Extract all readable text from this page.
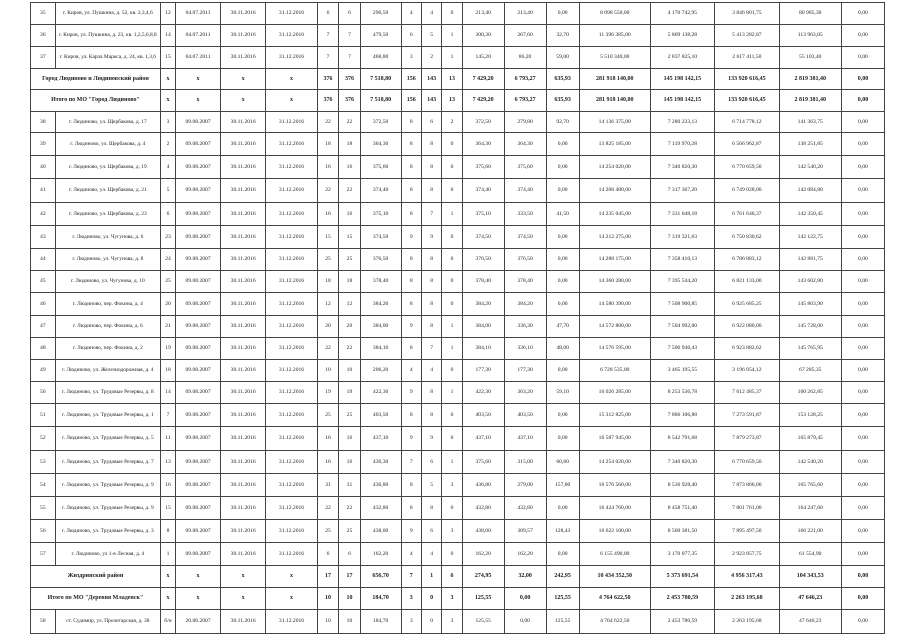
35	г. Киров, ул. Пушкина, д. 52, кв. 2,3,4,6	12	04.07.2011	30.11.2016	31.12.2016	6	6	296,50	4	4	0	213,40	213,40	0,00	8 098 550,00	4 170 742,95	3 846 801,75	80 985,30	0,00
36	г. Киров, ул. Пушкина, д. 23, кв. 1,2,5,6,8,8	14	04.07.2011	30.11.2016	31.12.2016	7	7	479,50	6	5	1	300,30	267,60	32,70	11 396 385,00	5 869 138,28	5 413 282,87	113 963,85	0,00
37	г. Киров, ул. Карла Маркса, д. 24, кв. 1,3,6	15	04.07.2011	30.11.2016	31.12.2016	7	7	468,80	3	2	1	145,20	86,20	59,00	5 510 340,00	2 837 825,10	2 617 411,50	55 103,40	0,00
Город Людиново и Людиновский район		x	x	x	x	376	376	7 518,80	156	143	13	7 429,20	6 793,27	635,93	281 918 140,00	145 198 142,15	133 920 616,45	2 819 381,40	0,00
Итого по МО "Город Людиново"		x	x	x	x	376	376	7 518,80	156	143	13	7 429,20	6 793,27	635,93	281 918 140,00	145 198 142,15	133 920 616,45	2 819 381,40	0,00
38	г. Людиново, ул. Щербакова, д. 17	3	09.08.2007	30.11.2016	31.12.2016	22	22	372,50	8	6	2	372,50	279,80	92,70	14 136 375,00	7 280 233,13	6 714 778,12	141 363,75	0,00
39	г. Людиново, ул. Щербакова, д. 4	2	09.08.2007	30.11.2016	31.12.2016	18	18	364,30	8	8	0	364,30	364,30	0,00	13 825 185,00	7 119 970,28	6 566 962,87	138 251,85	0,00
40	г. Людиново, ул. Щербакова, д. 19	4	09.08.2007	30.11.2016	31.12.2016	16	16	375,60	8	8	0	375,60	375,60	0,00	14 254 020,00	7 340 820,30	6 770 659,50	142 540,20	0,00
41	г. Людиново, ул. Щербакова, д. 21	5	09.08.2007	30.11.2016	31.12.2016	22	22	374,40	8	8	0	374,40	374,40	0,00	14 208 480,00	7 317 367,20	6 749 028,00	142 084,80	0,00
42	г. Людиново, ул. Щербакова, д. 23	6	09.08.2007	30.11.2016	31.12.2016	16	16	375,10	8	7	1	375,10	333,50	41,50	14 235 045,00	7 331 048,18	6 761 646,37	142 350,45	0,00
43	г. Людиново, ул. Чугунова, д. 6	23	09.08.2007	30.11.2016	31.12.2016	15	15	374,50	9	9	0	374,50	374,50	0,00	14 212 275,00	7 319 321,63	6 750 830,62	142 122,75	0,00
44	г. Людиново, ул. Чугунова, д. 8	24	09.08.2007	30.11.2016	31.12.2016	25	25	376,50	8	8	0	376,50	376,50	0,00	14 288 175,00	7 358 410,13	6 786 883,12	142 881,75	0,00
45	г. Людиново, ул. Чугунова, д. 10	25	09.08.2007	30.11.2016	31.12.2016	18	18	378,40	8	8	0	378,40	378,40	0,00	14 360 280,00	7 395 544,20	6 821 133,00	143 602,80	0,00
46	г. Людиново, пер. Фокина, д. 4	20	09.08.2007	30.11.2016	31.12.2016	12	12	384,20	8	8	0	384,20	384,20	0,00	14 580 390,00	7 508 900,85	6 925 685,25	145 803,90	0,00
47	г. Людиново, пер. Фокина, д. 6	21	09.08.2007	30.11.2016	31.12.2016	20	20	384,00	9	8	1	384,00	336,30	47,70	14 572 800,00	7 504 992,00	6 922 080,00	145 728,00	0,00
48	г. Людиново, пер. Фокина, д. 2	19	09.08.2007	30.11.2016	31.12.2016	22	22	384,10	8	7	1	384,10	336,10	48,00	14 576 595,00	7 506 946,43	6 923 882,62	145 765,95	0,00
49	г. Людиново, ул. Железнодорожная, д. 4	18	09.08.2007	30.11.2016	31.12.2016	10	10	206,20	4	4	0	177,30	177,30	0,00	6 728 535,00	3 465 195,55	3 196 054,12	67 285,35	0,00
50	г. Людиново, ул. Трудовые Резервы, д. 8	14	09.08.2007	30.11.2016	31.12.2016	19	19	422,30	9	8	1	422,30	363,20	59,10	16 026 285,00	8 253 536,78	7 612 485,37	160 262,85	0,00
51	г. Людиново, ул. Трудовые Резервы, д. 1	7	09.08.2007	30.11.2016	31.12.2016	25	25	403,50	8	8	0	403,50	403,50	0,00	15 312 825,00	7 886 106,88	7 273 591,87	153 128,25	0,00
52	г. Людиново, ул. Трудовые Резервы, д. 5	11	09.08.2007	30.11.2016	31.12.2016	16	16	437,10	9	9	0	437,10	437,10	0,00	16 587 945,00	8 542 791,68	7 879 273,87	165 879,45	0,00
53	г. Людиново, ул. Трудовые Резервы, д. 7	13	09.08.2007	30.11.2016	31.12.2016	16	16	436,30	7	6	1	375,60	315,00	60,60	14 254 020,00	7 340 820,30	6 770 659,50	142 540,20	0,00
54	г. Людиново, ул. Трудовые Резервы, д. 9	16	09.08.2007	30.11.2016	31.12.2016	31	31	436,80	8	5	3	436,80	279,00	157,80	16 576 560,00	8 536 928,40	7 873 866,00	165 765,60	0,00
55	г. Людиново, ул. Трудовые Резервы, д. 9	15	09.08.2007	30.11.2016	31.12.2016	22	22	432,80	8	8	0	432,80	432,80	0,00	16 424 760,00	8 458 751,40	7 801 761,00	164 247,60	0,00
56	г. Людиново, ул. Трудовые Резервы, д. 3	8	09.08.2007	30.11.2016	31.12.2016	25	25	438,00	9	6	3	438,00	309,57	128,43	16 622 100,00	8 560 381,50	7 895 497,50	166 221,00	0,00
57	г. Людиново, ул 1-я Лесная, д. 4	1	09.08.2007	30.11.2016	31.12.2016	6	6	162,20	4	4	0	162,20	162,20	0,00	6 155 490,00	3 170 077,35	2 923 857,75	61 554,90	0,00
Жиздринский район		x	x	x	x	17	17	656,70	7	1	6	274,95	32,00	242,95	10 434 352,50	5 373 691,54	4 956 317,43	104 343,53	0,00
Итого по МО "Деревня Младенск"		x	x	x	x	10	10	184,70	3	0	3	125,55	0,00	125,55	4 764 622,50	2 453 780,59	2 263 195,68	47 646,23	0,00
58	ст. Судимир, ул. Пролетарская, д. 38	б/н	20.06.2007	30.11.2016	31.12.2016	10	10	184,70	3	0	3	125,55	0,00	125,55	4 764 622,50	2 453 780,59	2 263 195,68	47 646,23	0,00
